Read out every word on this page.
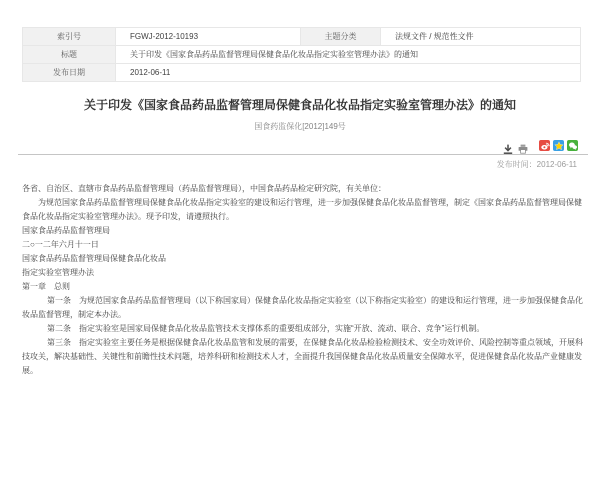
索引号	FGWJ-2012-10193	主题分类	法规文件 / 规范性文件
标题	关于印发《国家食品药品监督管理局保健食品化妆品指定实验室管理办法》的通知		
发布日期	2012-06-11		
关于印发《国家食品药品监督管理局保健食品化妆品指定实验室管理办法》的通知
国食药监保化[2012]149号
发布时间：2012-06-11

各省、自治区、直辖市食品药品监督管理局（药品监督管理局），中国食品药品检定研究院，有关单位：

为规范国家食品药品监督管理局保健食品化妆品指定实验室的建设和运行管理，进一步加强保健食品化妆品监督管理，制定《国家食品药品监督管理局保健食品化妆品指定实验室管理办法》。现予印发，请遵照执行。

国家食品药品监督管理局

二○一二年六月十一日

国家食品药品监督管理局保健食品化妆品

指定实验室管理办法

第一章　总则

第一条　为规范国家食品药品监督管理局（以下称国家局）保健食品化妆品指定实验室（以下称指定实验室）的建设和运行管理，进一步加强保健食品化妆品监督管理，制定本办法。

第二条　指定实验室是国家局保健食品化妆品监管技术支撑体系的重要组成部分，实施“开放、流动、联合、竞争”运行机制。

第三条　指定实验室主要任务是根据保健食品化妆品监管和发展的需要，在保健食品化妆品检验检测技术、安全功效评价、风险控制等重点领域，开展科技攻关，解决基础性、关键性和前瞻性技术问题，培养科研和检测技术人才，全面提升我国保健食品化妆品质量安全保障水平，促进保健食品化妆品产业健康发展。
